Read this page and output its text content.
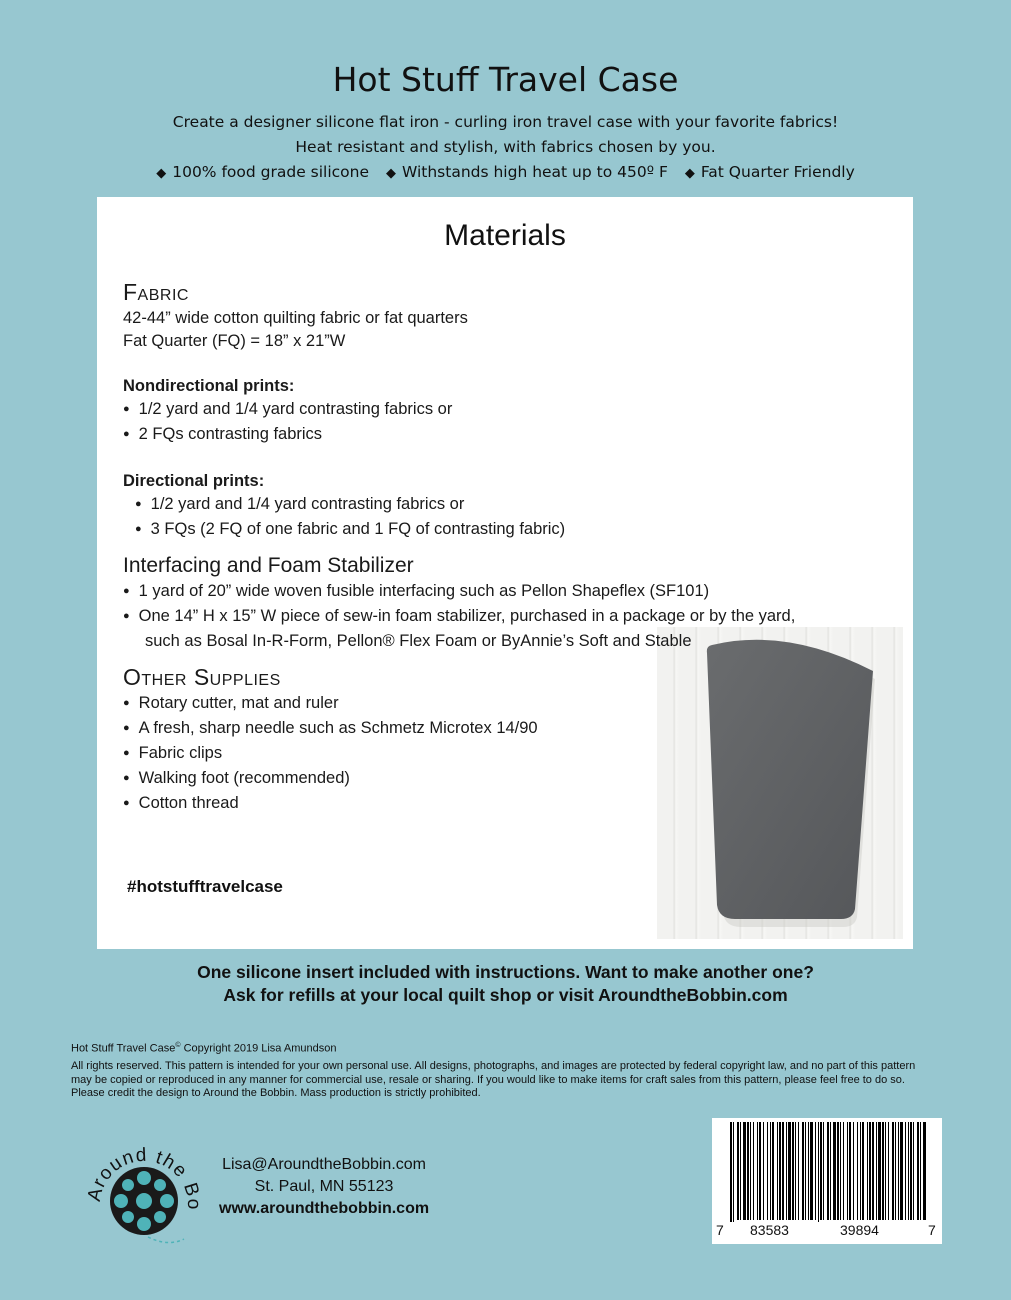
Hot Stuff Travel Case
Create a designer silicone flat iron - curling iron travel case with your favorite fabrics!
Heat resistant and stylish, with fabrics chosen by you.
◆ 100% food grade silicone ◆ Withstands high heat up to 450º F ◆ Fat Quarter Friendly
Materials

Fabric

42-44” wide cotton quilting fabric or fat quarters

Fat Quarter (FQ) = 18” x 21”W

Nondirectional prints:

● 1/2 yard and 1/4 yard contrasting fabrics or

● 2 FQs contrasting fabrics

Directional prints:

● 1/2 yard and 1/4 yard contrasting fabrics or

● 3 FQs (2 FQ of one fabric and 1 FQ of contrasting fabric)

Interfacing and Foam Stabilizer

● 1 yard of 20” wide woven fusible interfacing such as Pellon Shapeflex (SF101)

● One 14” H x 15” W piece of sew-in foam stabilizer, purchased in a package or by the yard,

such as Bosal In-R-Form, Pellon® Flex Foam or ByAnnie’s Soft and Stable

Other Supplies

● Rotary cutter, mat and ruler

● A fresh, sharp needle such as Schmetz Microtex 14/90

● Fabric clips

● Walking foot (recommended)

● Cotton thread

#hotstufftravelcase
One silicone insert included with instructions. Want to make another one?
Ask for refills at your local quilt shop or visit AroundtheBobbin.com
Hot Stuff Travel Case© Copyright 2019 Lisa Amundson
All rights reserved. This pattern is intended for your own personal use. All designs, photographs, and images are protected by federal copyright law, and no part of this pattern may be copied or reproduced in any manner for commercial use, resale or sharing. If you would like to make items for craft sales from this pattern, please feel free to do so. Please credit the design to Around the Bobbin. Mass production is strictly prohibited.
Around the Bo
Lisa@AroundtheBobbin.com
St. Paul, MN 55123
www.aroundthebobbin.com
7 83583	39894	7
